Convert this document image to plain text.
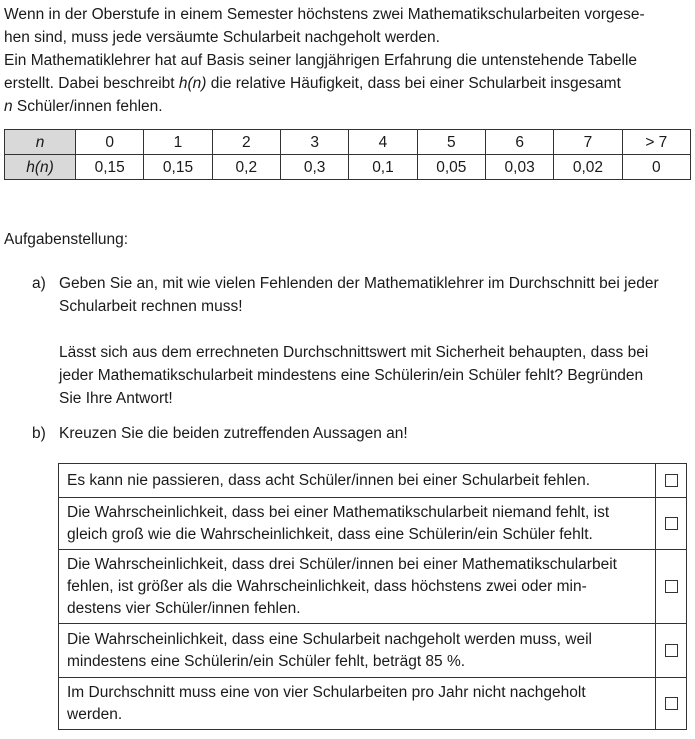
Wenn in der Oberstufe in einem Semester höchstens zwei Mathematikschularbeiten vorgese-
hen sind, muss jede versäumte Schularbeit nachgeholt werden.
Ein Mathematiklehrer hat auf Basis seiner langjährigen Erfahrung die untenstehende Tabelle
erstellt. Dabei beschreibt h(n) die relative Häufigkeit, dass bei einer Schularbeit insgesamt
n Schüler/innen fehlen.
n	0	1	2	3	4	5	6	7	> 7
h(n)	0,15	0,15	0,2	0,3	0,1	0,05	0,03	0,02	0
Aufgabenstellung:
a) Geben Sie an, mit wie vielen Fehlenden der Mathematiklehrer im Durchschnitt bei jeder

Schularbeit rechnen muss!

Lässt sich aus dem errechneten Durchschnittswert mit Sicherheit behaupten, dass bei

jeder Mathematikschularbeit mindestens eine Schülerin/ein Schüler fehlt? Begründen

Sie Ihre Antwort!

b) Kreuzen Sie die beiden zutreffenden Aussagen an!

Es kann nie passieren, dass acht Schüler/innen bei einer Schularbeit fehlen.	
Die Wahrscheinlichkeit, dass bei einer Mathematikschularbeit niemand fehlt, ist
gleich groß wie die Wahrscheinlichkeit, dass eine Schülerin/ein Schüler fehlt.	
Die Wahrscheinlichkeit, dass drei Schüler/innen bei einer Mathematikschularbeit
fehlen, ist größer als die Wahrscheinlichkeit, dass höchstens zwei oder min-
destens vier Schüler/innen fehlen.	
Die Wahrscheinlichkeit, dass eine Schularbeit nachgeholt werden muss, weil
mindestens eine Schülerin/ein Schüler fehlt, beträgt 85 %.	
Im Durchschnitt muss eine von vier Schularbeiten pro Jahr nicht nachgeholt
werden.	
